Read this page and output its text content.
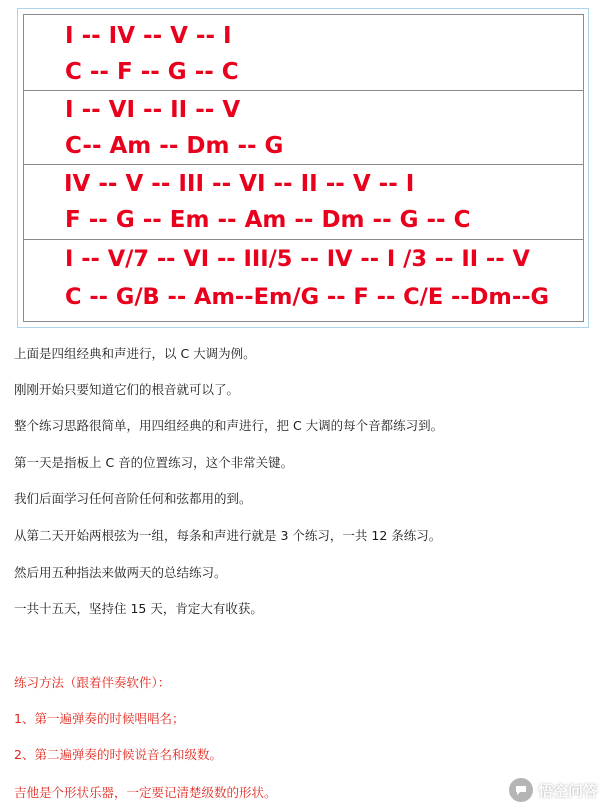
I -- IV -- V -- I
C -- F -- G -- C
I -- VI -- II -- V
C-- Am -- Dm -- G
IV -- V -- III -- VI -- II -- V -- I
F -- G -- Em -- Am -- Dm -- G -- C
I -- V/7 -- VI -- III/5 -- IV -- I /3 -- II -- V
C -- G/B -- Am--Em/G -- F -- C/E --Dm--G
上面是四组经典和声进行，以 C 大调为例。
刚刚开始只要知道它们的根音就可以了。
整个练习思路很简单，用四组经典的和声进行，把 C 大调的每个音都练习到。
第一天是指板上 C 音的位置练习，这个非常关键。
我们后面学习任何音阶任何和弦都用的到。
从第二天开始两根弦为一组，每条和声进行就是 3 个练习，一共 12 条练习。
然后用五种指法来做两天的总结练习。
一共十五天，坚持住 15 天，肯定大有收获。
练习方法（跟着伴奏软件）：
1、第一遍弹奏的时候唱唱名；
2、第二遍弹奏的时候说音名和级数。
吉他是个形状乐器，一定要记清楚级数的形状。	悟空问答
